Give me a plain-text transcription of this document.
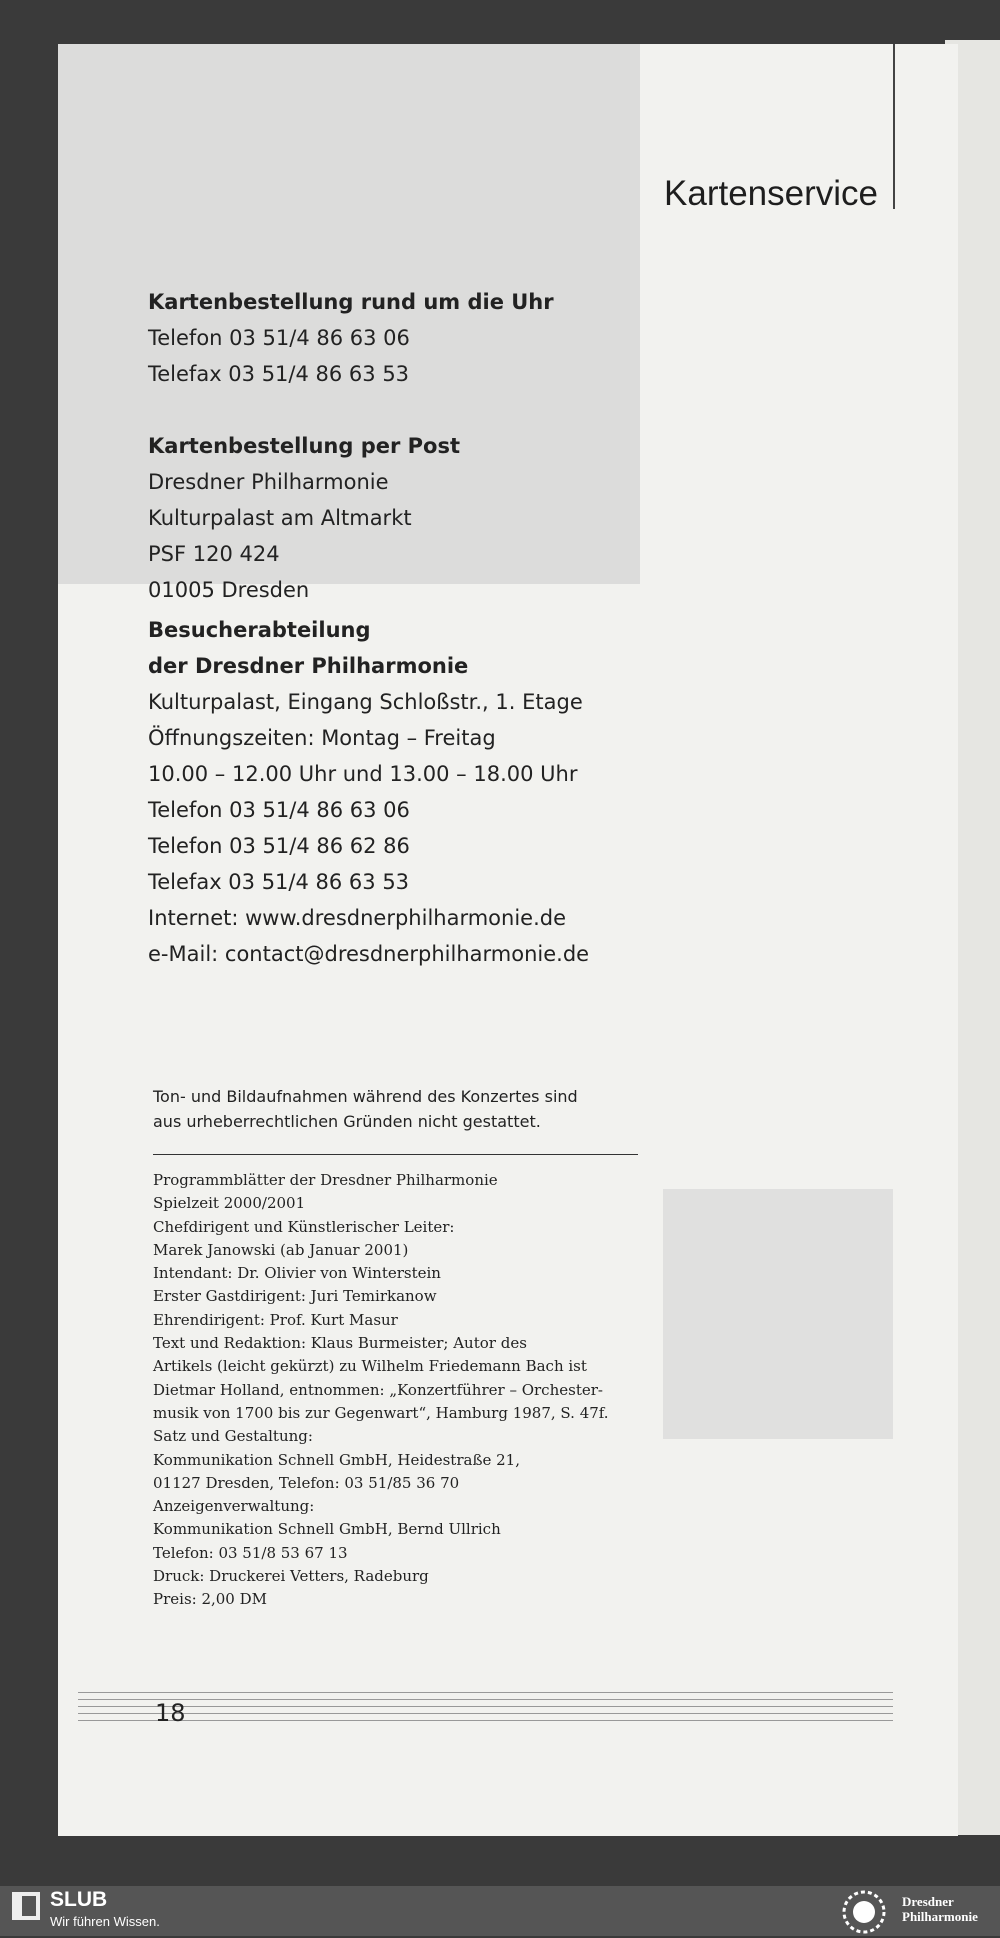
Kartenservice
Kartenbestellung rund um die Uhr
Telefon 03 51/4 86 63 06
Telefax 03 51/4 86 63 53
Kartenbestellung per Post
Dresdner Philharmonie
Kulturpalast am Altmarkt
PSF 120 424
01005 Dresden
Besucherabteilung
der Dresdner Philharmonie
Kulturpalast, Eingang Schloßstr., 1. Etage
Öffnungszeiten: Montag – Freitag
10.00 – 12.00 Uhr und 13.00 – 18.00 Uhr
Telefon 03 51/4 86 63 06
Telefon 03 51/4 86 62 86
Telefax 03 51/4 86 63 53
Internet: www.dresdnerphilharmonie.de
e-Mail: contact@dresdnerphilharmonie.de
Ton- und Bildaufnahmen während des Konzertes sind
aus urheberrechtlichen Gründen nicht gestattet.
Programmblätter der Dresdner Philharmonie
Spielzeit 2000/2001
Chefdirigent und Künstlerischer Leiter:
Marek Janowski (ab Januar 2001)
Intendant: Dr. Olivier von Winterstein
Erster Gastdirigent: Juri Temirkanow
Ehrendirigent: Prof. Kurt Masur
Text und Redaktion: Klaus Burmeister; Autor des
Artikels (leicht gekürzt) zu Wilhelm Friedemann Bach ist
Dietmar Holland, entnommen: „Konzertführer – Orchester-
musik von 1700 bis zur Gegenwart“, Hamburg 1987, S. 47f.
Satz und Gestaltung:
Kommunikation Schnell GmbH, Heidestraße 21,
01127 Dresden, Telefon: 03 51/85 36 70
Anzeigenverwaltung:
Kommunikation Schnell GmbH, Bernd Ullrich
Telefon: 03 51/8 53 67 13
Druck: Druckerei Vetters, Radeburg
Preis: 2,00 DM
18
SLUB
Wir führen Wissen.
Dresdner
Philharmonie
